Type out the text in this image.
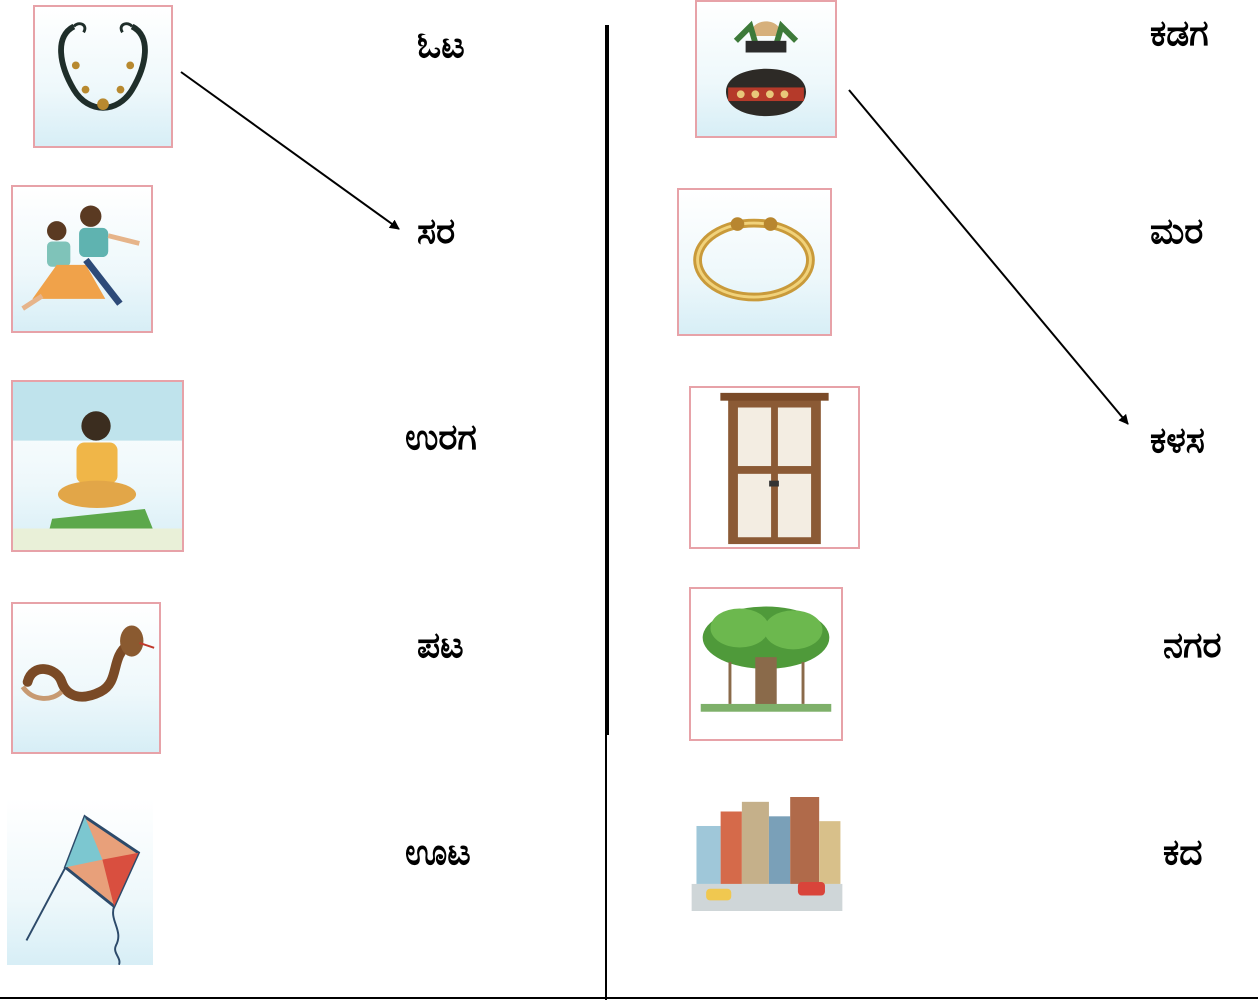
ಓಟ
ಸರ
ಉರಗ
ಪಟ
ಊಟ
ಕಡಗ
ಮರ
ಕಳಸ
ನಗರ
ಕದ
